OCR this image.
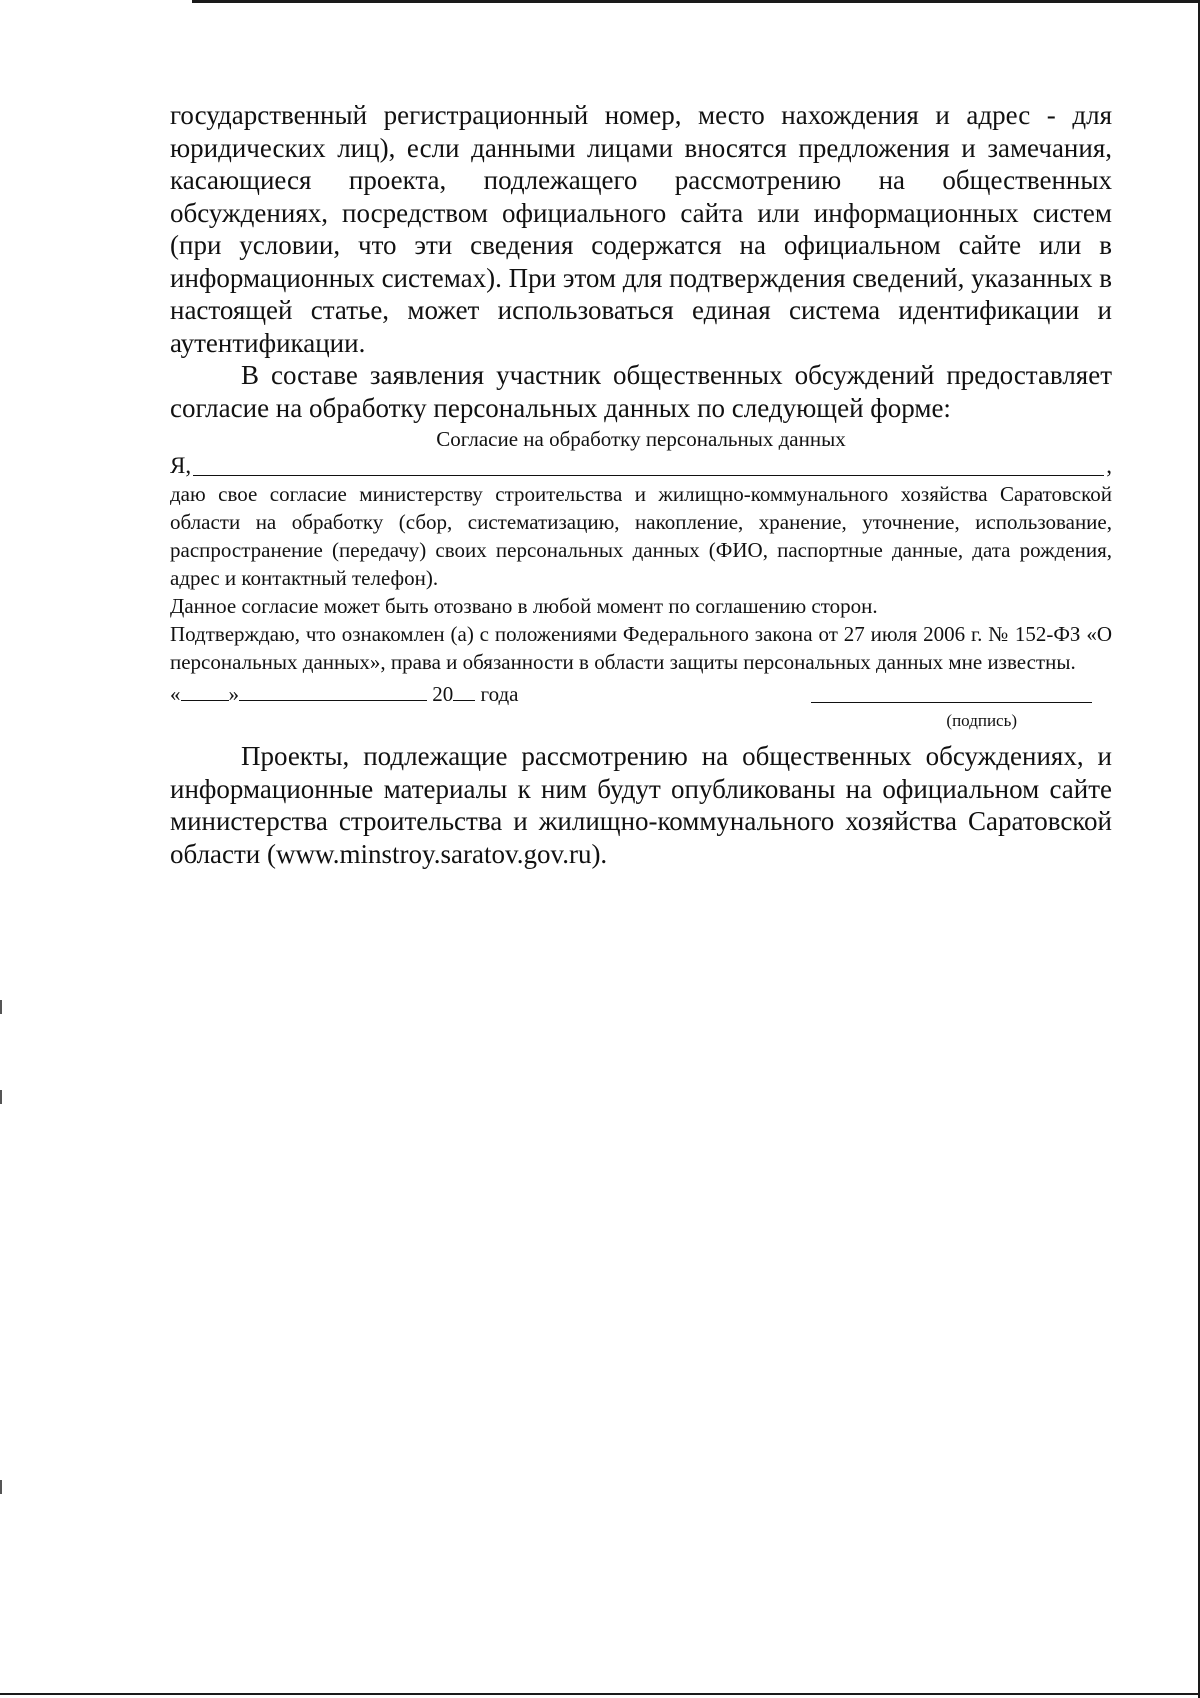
государственный регистрационный номер, место нахождения и адрес - для юридических лиц), если данными лицами вносятся предложения и замечания, касающиеся проекта, подлежащего рассмотрению на общественных обсуждениях, посредством официального сайта или информационных систем (при условии, что эти сведения содержатся на официальном сайте или в информационных системах). При этом для подтверждения сведений, указанных в настоящей статье, может использоваться единая система идентификации и аутентификации.

В составе заявления участник общественных обсуждений предоставляет согласие на обработку персональных данных по следующей форме:

Согласие на обработку персональных данных

Я,	,

даю свое согласие министерству строительства и жилищно-коммунального хозяйства Саратовской области на обработку (сбор, систематизацию, накопление, хранение, уточнение, использование, распространение (передачу) своих персональных данных (ФИО, паспортные данные, дата рождения, адрес и контактный телефон).

Данное согласие может быть отозвано в любой момент по соглашению сторон.

Подтверждаю, что ознакомлен (а) с положениями Федерального закона от 27 июля 2006 г. № 152-ФЗ «О персональных данных», права и обязанности в области защиты персональных данных мне известны.

« »	20 года

(подпись)

Проекты, подлежащие рассмотрению на общественных обсуждениях, и информационные материалы к ним будут опубликованы на официальном сайте министерства строительства и жилищно-коммунального хозяйства Саратовской области (www.minstroy.saratov.gov.ru).
